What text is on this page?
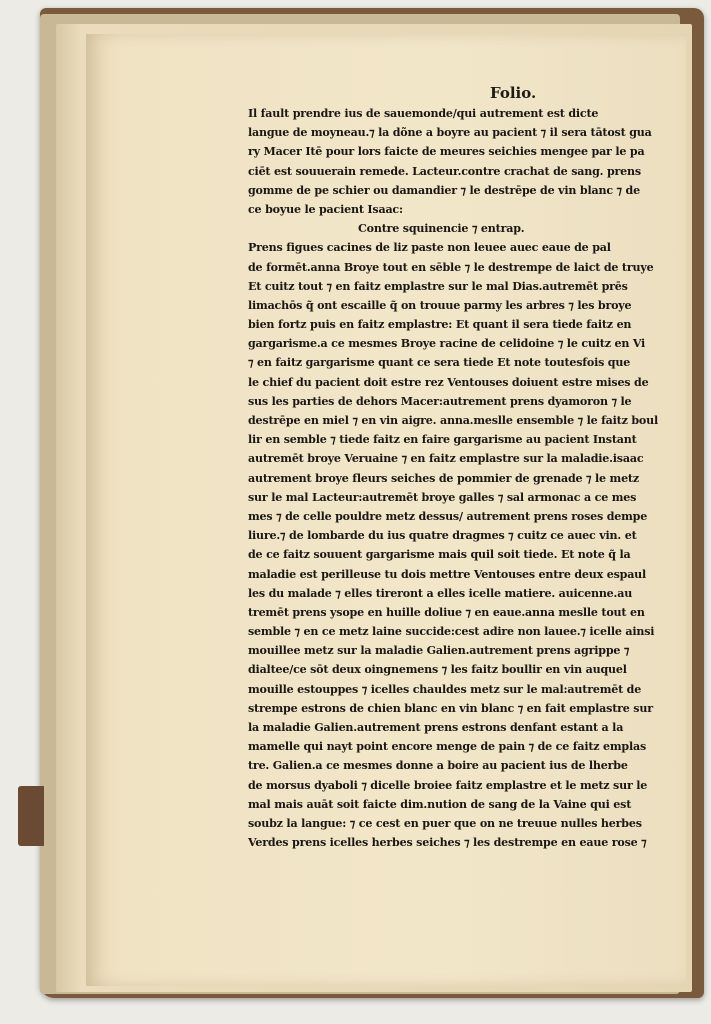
Folio.
Il fault prendre ius de sauemonde/qui autrement est dicte
langue de moyneau.⁊ la dõne a boyre au pacient ⁊ il sera tātost gua
ry Macer Itē pour lors faicte de meures seichies mengee par le pa
ciēt est souuerain remede. Lacteur.contre crachat de sang. prens
gomme de pe schier ou damandier ⁊ le destrēpe de vin blanc ⁊ de
ce boyue le pacient Isaac:
Contre squinencie ⁊ entrap.
Prens figues cacines de liz paste non leuee auec eaue de pal
de formēt.anna Broye tout en sēble ⁊ le destrempe de laict de truye
Et cuitz tout ⁊ en faitz emplastre sur le mal Dias.autremēt prēs
limachōs q̃ ont escaille q̃ on trouue parmy les arbres ⁊ les broye
bien fortz puis en faitz emplastre: Et quant il sera tiede faitz en
gargarisme.a ce mesmes Broye racine de celidoine ⁊ le cuitz en Vi
⁊ en faitz gargarisme quant ce sera tiede Et note toutesfois que
le chief du pacient doit estre rez Ventouses doiuent estre mises de
sus les parties de dehors Macer:autrement prens dyamoron ⁊ le
destrēpe en miel ⁊ en vin aigre. anna.meslle ensemble ⁊ le faitz boul
lir en semble ⁊ tiede faitz en faire gargarisme au pacient Instant
autremēt broye Veruaine ⁊ en faitz emplastre sur la maladie.isaac
autrement broye fleurs seiches de pommier de grenade ⁊ le metz
sur le mal Lacteur:autremēt broye galles ⁊ sal armonac a ce mes
mes ⁊ de celle pouldre metz dessus/ autrement prens roses dempe
liure.⁊ de lombarde du ius quatre dragmes ⁊ cuitz ce auec vin. et
de ce faitz souuent gargarisme mais quil soit tiede. Et note q̃ la
maladie est perilleuse tu dois mettre Ventouses entre deux espaul
les du malade ⁊ elles tireront a elles icelle matiere. auicenne.au
tremēt prens ysope en huille doliue ⁊ en eaue.anna meslle tout en
semble ⁊ en ce metz laine succide:cest adire non lauee.⁊ icelle ainsi
mouillee metz sur la maladie Galien.autrement prens agrippe ⁊
dialtee/ce sōt deux oingnemens ⁊ les faitz boullir en vin auquel
mouille estouppes ⁊ icelles chauldes metz sur le mal:autremēt de
strempe estrons de chien blanc en vin blanc ⁊ en fait emplastre sur
la maladie Galien.autrement prens estrons denfant estant a la
mamelle qui nayt point encore menge de pain ⁊ de ce faitz emplas
tre. Galien.a ce mesmes donne a boire au pacient ius de lherbe
de morsus dyaboli ⁊ dicelle broiee faitz emplastre et le metz sur le
mal mais auāt soit faicte dim.nution de sang de la Vaine qui est
soubz la langue: ⁊ ce cest en puer que on ne treuue nulles herbes
Verdes prens icelles herbes seiches ⁊ les destrempe en eaue rose ⁊
